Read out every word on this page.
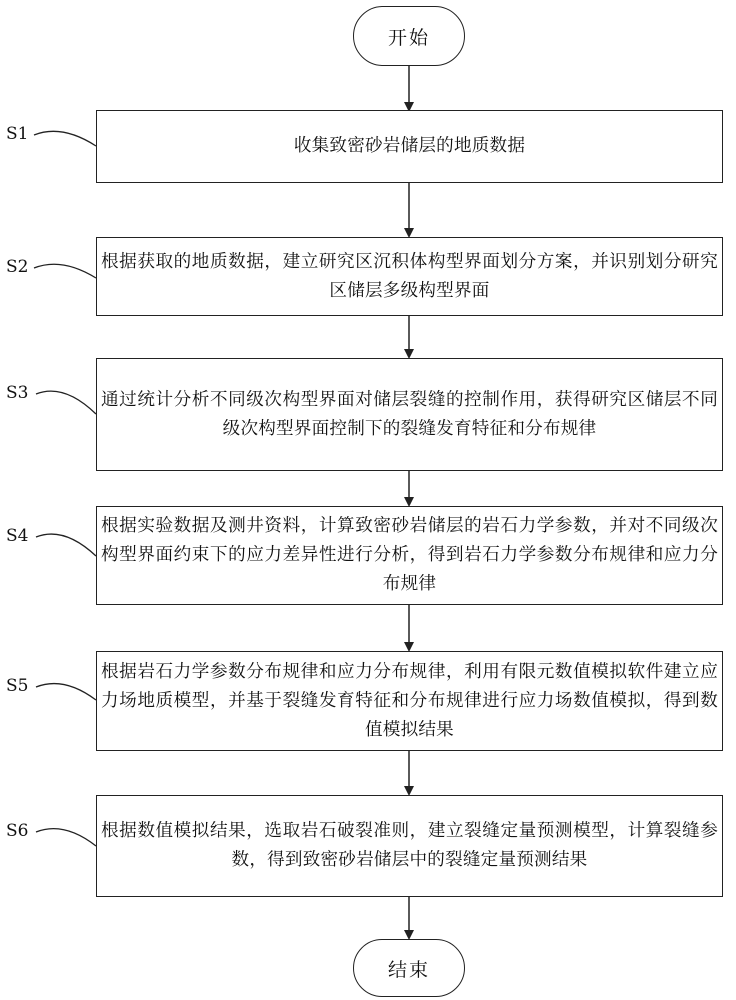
开始
S1
收集致密砂岩储层的地质数据
S2	根据获取的地质数据，建立研究区沉积体构型界面划分方案，并识别划分研究区储层多级构型界面
S3	通过统计分析不同级次构型界面对储层裂缝的控制作用，获得研究区储层不同级次构型界面控制下的裂缝发育特征和分布规律
S4	根据实验数据及测井资料，计算致密砂岩储层的岩石力学参数，并对不同级次构型界面约束下的应力差异性进行分析，得到岩石力学参数分布规律和应力分布规律
S5
根据岩石力学参数分布规律和应力分布规律，利用有限元数值模拟软件建立应力场地质模型，并基于裂缝发育特征和分布规律进行应力场数值模拟，得到数值模拟结果
S6	根据数值模拟结果，选取岩石破裂准则，建立裂缝定量预测模型，计算裂缝参数，得到致密砂岩储层中的裂缝定量预测结果
结束
